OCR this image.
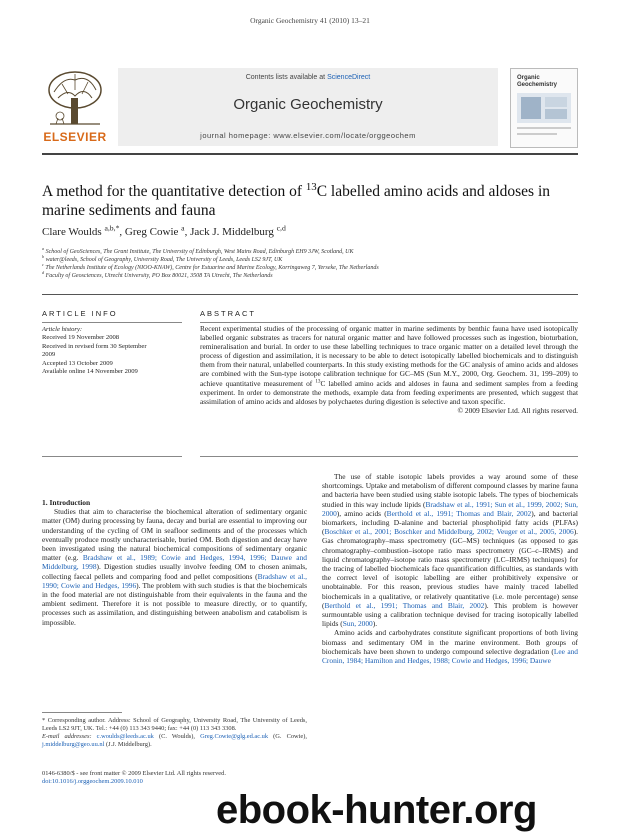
Organic Geochemistry 41 (2010) 13–21
ELSEVIER
Contents lists available at ScienceDirect
Organic Geochemistry
journal homepage: www.elsevier.com/locate/orggeochem
Organic Geochemistry
A method for the quantitative detection of $^{13}$C labelled amino acids and aldoses in marine sediments and fauna
Clare Woulds $^{a,b,*}$, Greg Cowie $^a$, Jack J. Middelburg $^{c,d}$
$^a$ School of GeoSciences, The Grant Institute, The University of Edinburgh, West Mains Road, Edinburgh EH9 3JW, Scotland, UK
$^b$ water@leeds, School of Geography, University Road, The University of Leeds, Leeds LS2 9JT, UK
$^c$ The Netherlands Institute of Ecology (NIOO-KNAW), Centre for Estuarine and Marine Ecology, Korringaweg 7, Yerseke, The Netherlands
$^d$ Faculty of Geosciences, Utrecht University, PO Box 80021, 3508 TA Utrecht, The Netherlands
ARTICLE INFO
Article history:
Received 19 November 2008
Received in revised form 30 September
2009
Accepted 13 October 2009
Available online 14 November 2009
ABSTRACT
Recent experimental studies of the processing of organic matter in marine sediments by benthic fauna have used isotopically labelled organic substrates as tracers for natural organic matter and have followed processes such as ingestion, bioturbation, remineralisation and burial. In order to use these labelling techniques to trace organic matter on a detailed level through the process of digestion and assimilation, it is necessary to be able to detect isotopically labelled biochemicals and to distinguish them from their natural, unlabelled counterparts. In this study existing methods for the GC analysis of amino acids and aldoses are combined with the Sun-type isotope calibration technique for GC–MS (Sun M.Y., 2000, Org. Geochem. 31, 199–209) to achieve quantitative measurement of $^{13}$C labelled amino acids and aldoses in fauna and sediment samples from a feeding experiment. In order to demonstrate the methods, example data from feeding experiments are presented, which suggest that assimilation of amino acids and aldoses by polychaetes during digestion is selective and taxon specific.
© 2009 Elsevier Ltd. All rights reserved.

1. Introduction

Studies that aim to characterise the biochemical alteration of sedimentary organic matter (OM) during processing by fauna, decay and burial are essential to improving our understanding of the cycling of OM in seafloor sediments and of the processes which eventually produce mostly uncharacterisable, buried OM. Both digestion and decay have been investigated using the natural biochemical compositions of sedimentary organic matter (e.g. Bradshaw et al., 1989; Cowie and Hedges, 1994, 1996; Dauwe and Middelburg, 1998). Digestion studies usually involve feeding OM to chosen animals, collecting faecal pellets and comparing food and pellet compositions (Bradshaw et al., 1990; Cowie and Hedges, 1996). The problem with such studies is that the biochemicals in the food material are not distinguishable from their equivalents in the fauna and the ambient sediment. Therefore it is not possible to measure directly, or to quantify, processes such as assimilation, and distinguishing between anabolism and catabolism is impossible.

The use of stable isotopic labels provides a way around some of these shortcomings. Uptake and metabolism of different compound classes by marine fauna and bacteria have been studied using stable isotopic labels. The types of biochemicals studied in this way include lipids (Bradshaw et al., 1991; Sun et al., 1999, 2002; Sun, 2000), amino acids (Berthold et al., 1991; Thomas and Blair, 2002), and bacterial biomarkers, including D-alanine and bacterial phospholipid fatty acids (PLFAs) (Boschker et al., 2001; Boschker and Middelburg, 2002; Veuger et al., 2005, 2006). Gas chromatography–mass spectrometry (GC–MS) techniques (as opposed to gas chromatography–combustion–isotope ratio mass spectrometry (GC–c–IRMS) and liquid chromatography–isotope ratio mass spectrometry (LC–IRMS) techniques) for the tracing of labelled biochemicals face quantification difficulties, as standards with the correct level of isotopic labelling are either prohibitively expensive or unobtainable. For this reason, previous studies have mainly traced labelled biochemicals in a qualitative, or relatively quantitative (i.e. mole percentage) sense (Berthold et al., 1991; Thomas and Blair, 2002). This problem is however surmountable using a calibration technique devised for tracing isotopically labelled lipids (Sun, 2000).

Amino acids and carbohydrates constitute significant proportions of both living biomass and sedimentary OM in the marine environment. Both groups of biochemicals have been shown to undergo compound selective degradation (Lee and Cronin, 1984; Hamilton and Hedges, 1988; Cowie and Hedges, 1996; Dauwe

* Corresponding author. Address: School of Geography, University Road, The University of Leeds, Leeds LS2 9JT, UK. Tel.: +44 (0) 113 343 9440; fax: +44 (0) 113 343 3308.
E-mail addresses: c.woulds@leeds.ac.uk (C. Woulds), Greg.Cowie@glg.ed.ac.uk (G. Cowie), j.middelburg@geo.uu.nl (J.J. Middelburg).
0146-6380/$ - see front matter © 2009 Elsevier Ltd. All rights reserved.
doi:10.1016/j.orggeochem.2009.10.010
ebook-hunter.org
